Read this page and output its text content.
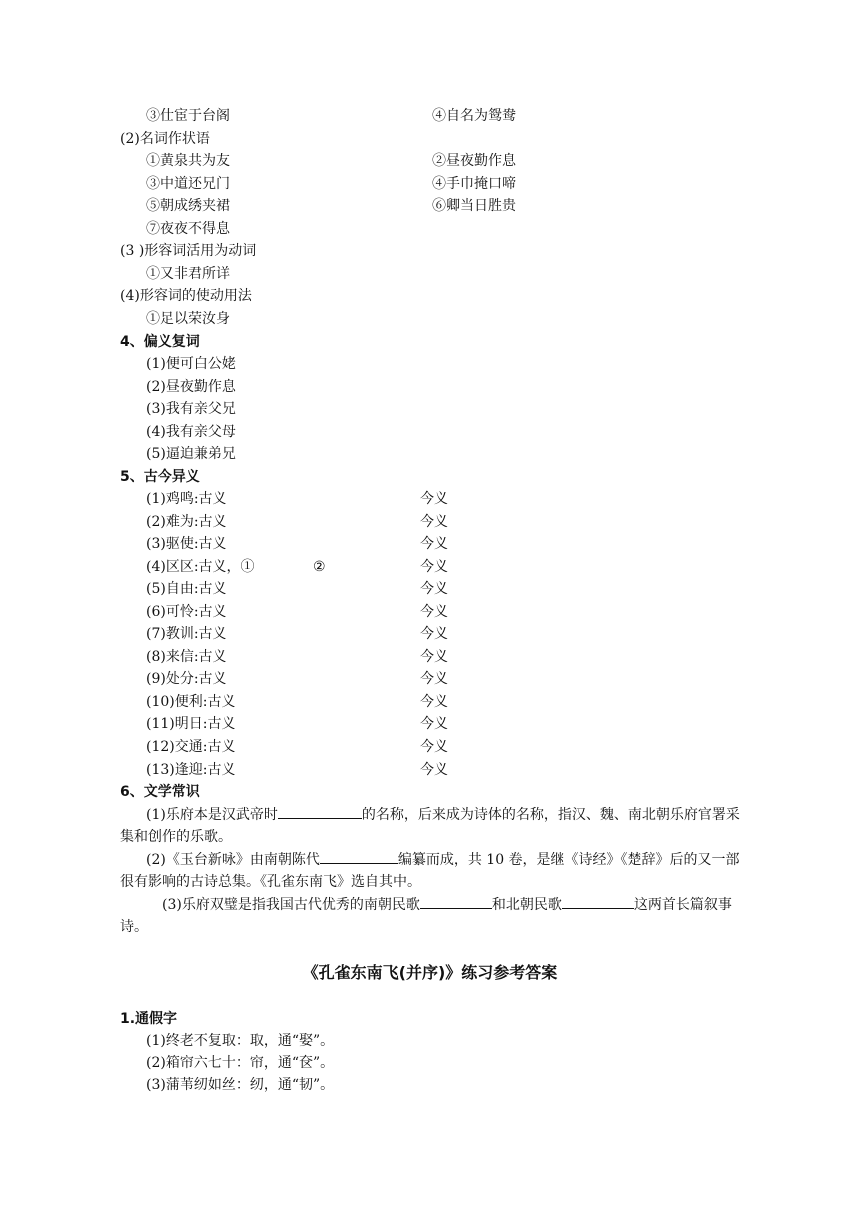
③仕宦于台阁	④自名为鸳鸯
(2)名词作状语
①黄泉共为友	②昼夜勤作息
③中道还兄门	④手巾掩口啼
⑤朝成绣夹裙	⑥卿当日胜贵
⑦夜夜不得息
(3 )形容词活用为动词
①又非君所详
(4)形容词的使动用法
①足以荣汝身
4、偏义复词
(1)便可白公姥
(2)昼夜勤作息
(3)我有亲父兄
(4)我有亲父母
(5)逼迫兼弟兄
5、古今异义
(1)鸡鸣:古义	今义
(2)难为:古义	今义
(3)驱使:古义	今义
(4)区区:古义，①	②	今义
(5)自由:古义	今义
(6)可怜:古义	今义
(7)教训:古义	今义
(8)来信:古义	今义
(9)处分:古义	今义
(10)便利:古义	今义
(11)明日:古义	今义
(12)交通:古义	今义
(13)逢迎:古义	今义
6、文学常识
(1)乐府本是汉武帝时	的名称，后来成为诗体的名称，指汉、魏、南北朝乐府官署采集和创作的乐歌。
(2)《玉台新咏》由南朝陈代	编纂而成，共 10 卷，是继《诗经》《楚辞》后的又一部很有影响的古诗总集。《孔雀东南飞》选自其中。
(3)乐府双璧是指我国古代优秀的南朝民歌	和北朝民歌	这两首长篇叙事诗。
《孔雀东南飞(并序)》练习参考答案
1.通假字
(1)终老不复取：取，通“娶”。
(2)箱帘六七十：帘，通“奁”。
(3)蒲苇纫如丝：纫，通“韧”。
